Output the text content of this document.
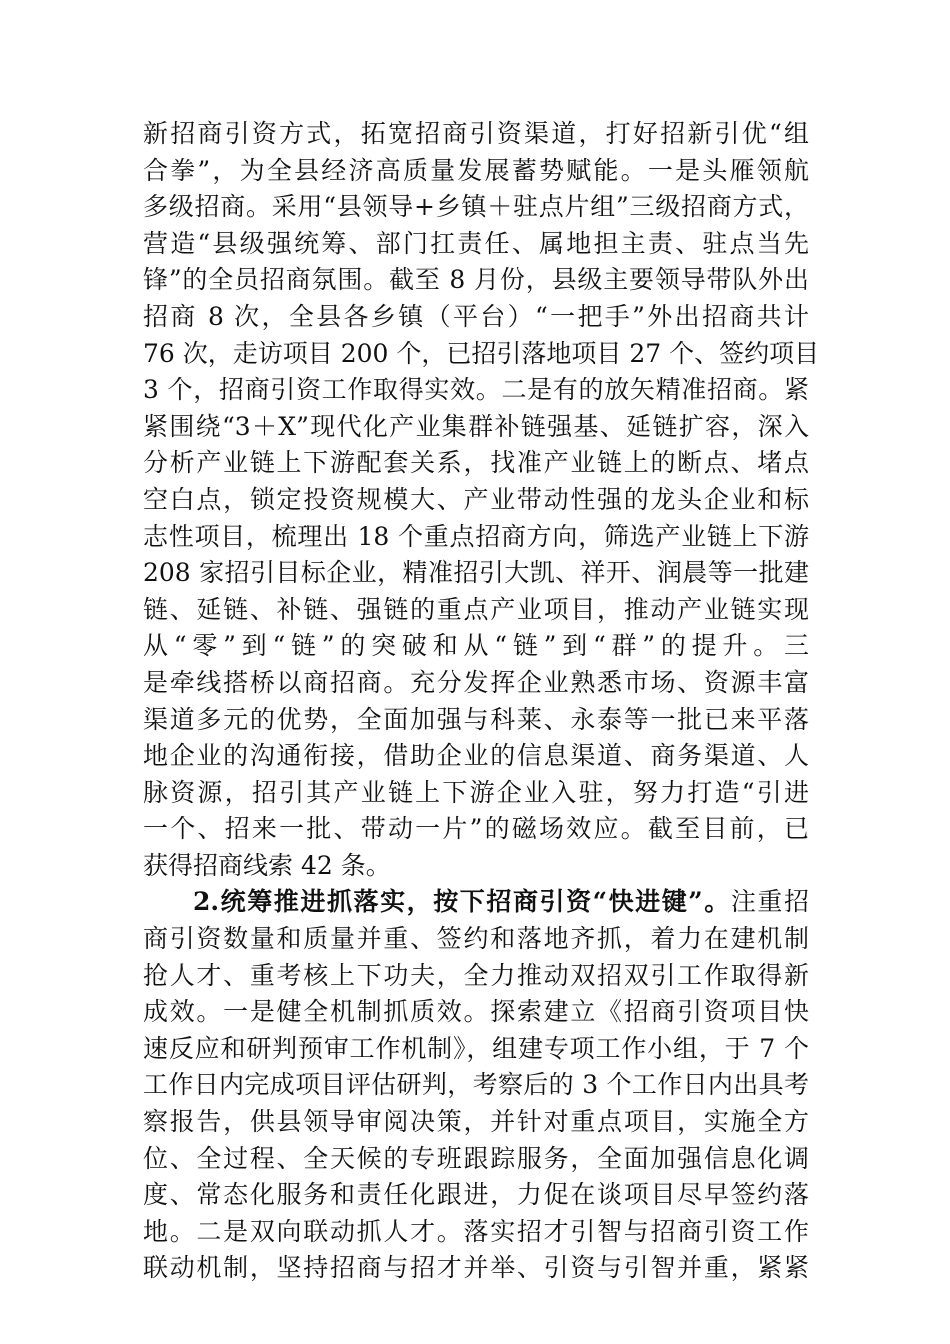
新招商引资方式，拓宽招商引资渠道，打好招新引优“组
合拳”，为全县经济高质量发展蓄势赋能。一是头雁领航
多级招商。采用“县领导+乡镇＋驻点片组”三级招商方式，
营造“县级强统筹、部门扛责任、属地担主责、驻点当先
锋”的全员招商氛围。截至 8 月份，县级主要领导带队外出
招商 8 次，全县各乡镇（平台）“一把手”外出招商共计
76 次，走访项目 200 个，已招引落地项目 27 个、签约项目
3 个，招商引资工作取得实效。二是有的放矢精准招商。紧
紧围绕“3＋X”现代化产业集群补链强基、延链扩容，深入
分析产业链上下游配套关系，找准产业链上的断点、堵点
空白点，锁定投资规模大、产业带动性强的龙头企业和标
志性项目，梳理出 18 个重点招商方向，筛选产业链上下游
208 家招引目标企业，精准招引大凯、祥开、润晨等一批建
链、延链、补链、强链的重点产业项目，推动产业链实现
从“零”到“链”的突破和从“链”到“群”的提升。三
是牵线搭桥以商招商。充分发挥企业熟悉市场、资源丰富
渠道多元的优势，全面加强与科莱、永泰等一批已来平落
地企业的沟通衔接，借助企业的信息渠道、商务渠道、人
脉资源，招引其产业链上下游企业入驻，努力打造“引进
一个、招来一批、带动一片”的磁场效应。截至目前，已
获得招商线索 42 条。
2.统筹推进抓落实，按下招商引资“快进键”。注重招
商引资数量和质量并重、签约和落地齐抓，着力在建机制
抢人才、重考核上下功夫，全力推动双招双引工作取得新
成效。一是健全机制抓质效。探索建立《招商引资项目快
速反应和研判预审工作机制》，组建专项工作小组，于 7 个
工作日内完成项目评估研判，考察后的 3 个工作日内出具考
察报告，供县领导审阅决策，并针对重点项目，实施全方
位、全过程、全天候的专班跟踪服务，全面加强信息化调
度、常态化服务和责任化跟进，力促在谈项目尽早签约落
地。二是双向联动抓人才。落实招才引智与招商引资工作
联动机制，坚持招商与招才并举、引资与引智并重，紧紧
